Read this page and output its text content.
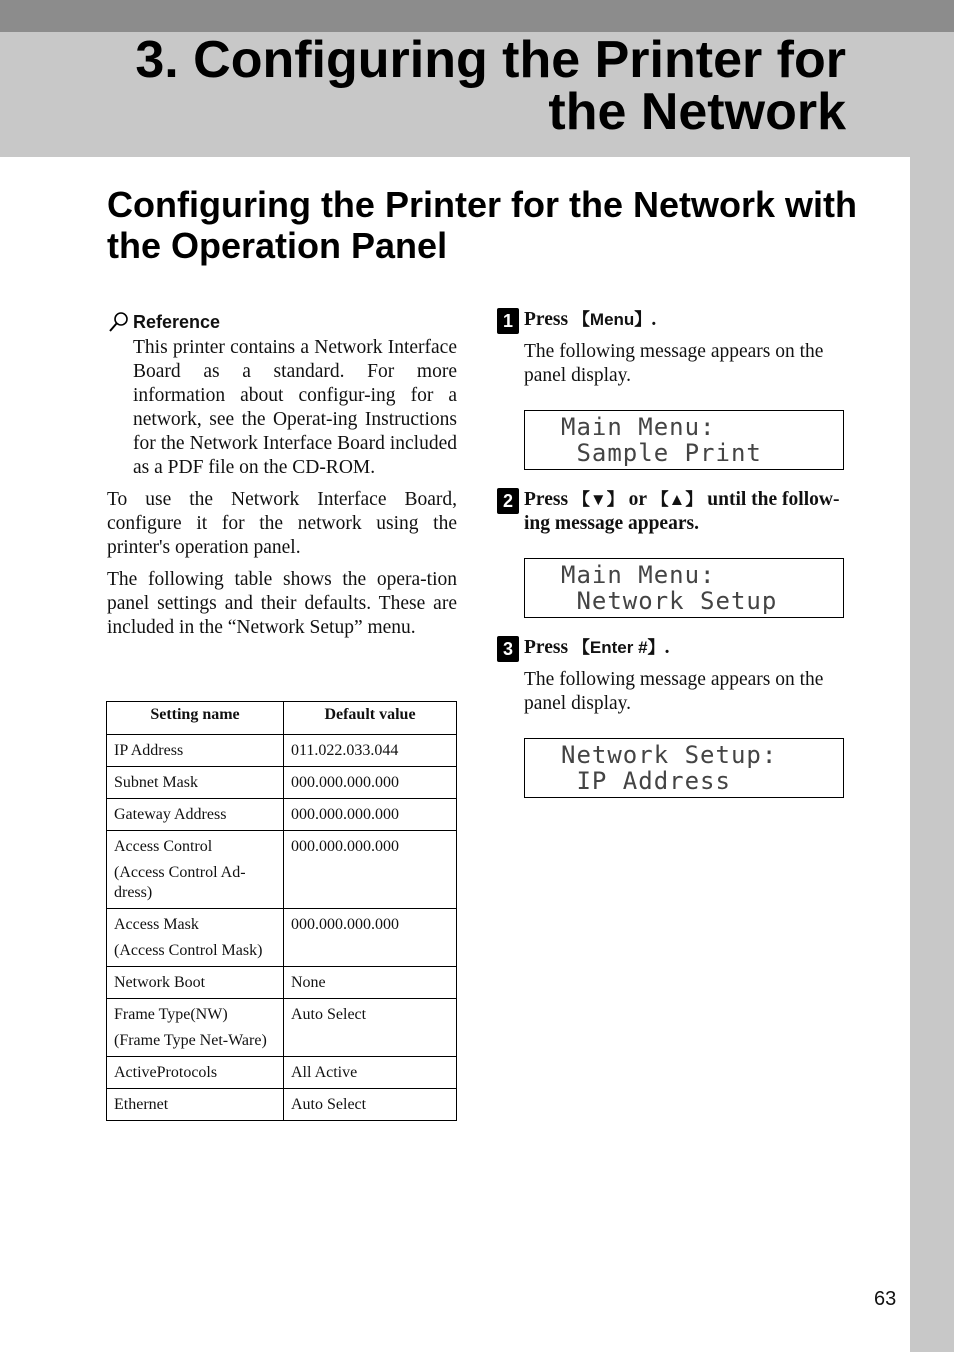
3. Configuring the Printer for
the Network
Configuring the Printer for the Network with the Operation Panel
Reference

This printer contains a Network Interface Board as a standard. For more information about configur-ing for a network, see the Operat-ing Instructions for the Network Interface Board included as a PDF file on the CD-ROM.

To use the Network Interface Board, configure it for the network using the printer's operation panel.

The following table shows the opera-tion panel settings and their defaults. These are included in the “Network Setup” menu.

Setting name	Default value
IP Address	011.022.033.044
Subnet Mask	000.000.000.000
Gateway Address	000.000.000.000
Access Control
(Access Control Ad-dress)	000.000.000.000
Access Mask
(Access Control Mask)	000.000.000.000
Network Boot	None
Frame Type(NW)
(Frame Type Net-Ware)	Auto Select
ActiveProtocols	All Active
Ethernet	Auto Select
1 Press 【Menu】.

The following message appears on the panel display.

Main Menu:
Sample Print
2 Press 【▼】 or 【▲】 until the follow-ing message appears.

Main Menu:
Network Setup
3 Press 【Enter #】.

The following message appears on the panel display.

Network Setup:
IP Address
63
